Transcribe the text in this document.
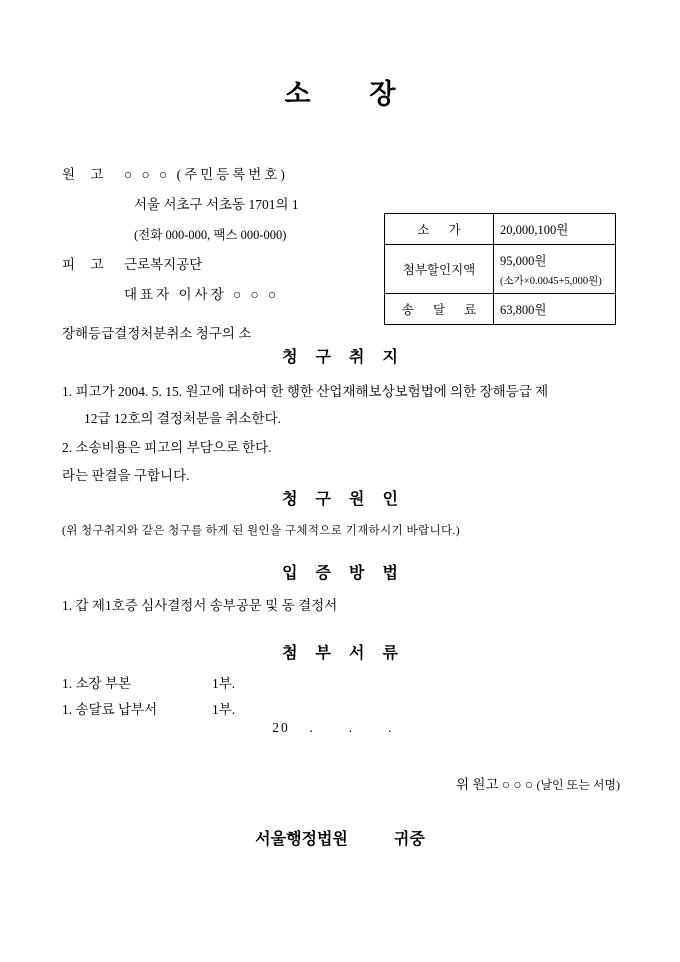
소 장
원 고 ○ ○ ○ (주민등록번호)
서울 서초구 서초동 1701의 1
(전화 000-000, 팩스 000-000)
피 고 근로복지공단
대표자 이사장 ○ ○ ○
장해등급결정처분취소 청구의 소
소 가	20,000,100원
첨부할인지액	95,000원
(소가×0.0045+5,000원)

송 달 료	63,800원
청 구 취 지
1. 피고가 2004. 5. 15. 원고에 대하여 한 행한 산업재해보상보험법에 의한 장해등급 제
12급 12호의 결정처분을 취소한다.
2. 소송비용은 피고의 부담으로 한다.
라는 판결을 구합니다.
청 구 원 인
(위 청구취지와 같은 청구를 하게 된 원인을 구체적으로 기재하시기 바랍니다.)
입 증 방 법
1. 갑 제1호증 심사결정서 송부공문 및 동 결정서
첨 부 서 류
1. 소장 부본	1부.
1. 송달료 납부서	1부.
20 .	.	.
위 원고 ○ ○ ○ (날인 또는 서명)
서울행정법원	귀중
